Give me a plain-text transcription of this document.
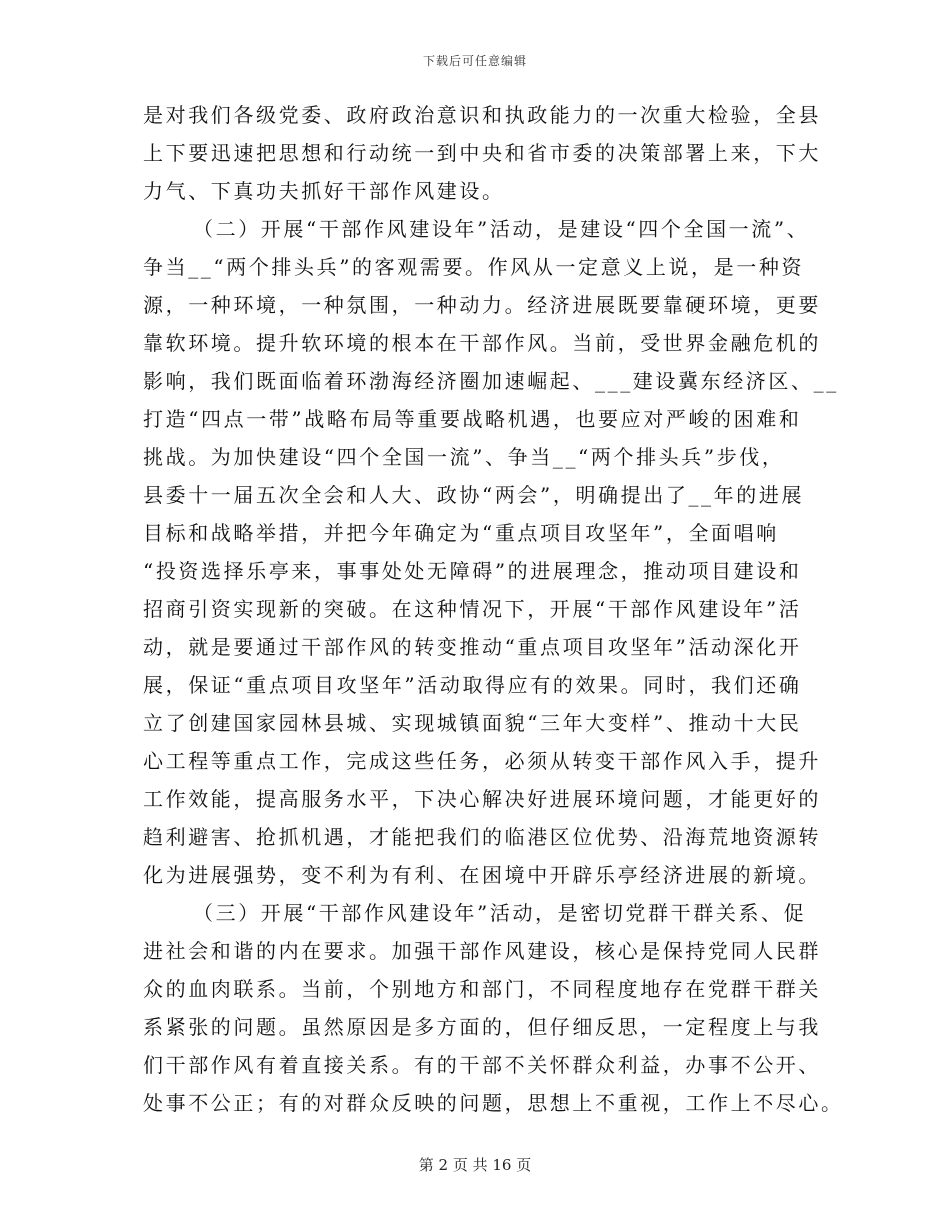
下载后可任意编辑
是对我们各级党委、政府政治意识和执政能力的一次重大检验，全县
上下要迅速把思想和行动统一到中央和省市委的决策部署上来，下大
力气、下真功夫抓好干部作风建设。
（二）开展“干部作风建设年”活动，是建设“四个全国一流”、
争当__“两个排头兵”的客观需要。作风从一定意义上说，是一种资
源，一种环境，一种氛围，一种动力。经济进展既要靠硬环境，更要
靠软环境。提升软环境的根本在干部作风。当前，受世界金融危机的
影响，我们既面临着环渤海经济圈加速崛起、___建设冀东经济区、__
打造“四点一带”战略布局等重要战略机遇，也要应对严峻的困难和
挑战。为加快建设“四个全国一流”、争当__“两个排头兵”步伐，
县委十一届五次全会和人大、政协“两会”，明确提出了__年的进展
目标和战略举措，并把今年确定为“重点项目攻坚年”，全面唱响
“投资选择乐亭来，事事处处无障碍”的进展理念，推动项目建设和
招商引资实现新的突破。在这种情况下，开展“干部作风建设年”活
动，就是要通过干部作风的转变推动“重点项目攻坚年”活动深化开
展，保证“重点项目攻坚年”活动取得应有的效果。同时，我们还确
立了创建国家园林县城、实现城镇面貌“三年大变样”、推动十大民
心工程等重点工作，完成这些任务，必须从转变干部作风入手，提升
工作效能，提高服务水平，下决心解决好进展环境问题，才能更好的
趋利避害、抢抓机遇，才能把我们的临港区位优势、沿海荒地资源转
化为进展强势，变不利为有利、在困境中开辟乐亭经济进展的新境。
（三）开展“干部作风建设年”活动，是密切党群干群关系、促
进社会和谐的内在要求。加强干部作风建设，核心是保持党同人民群
众的血肉联系。当前，个别地方和部门，不同程度地存在党群干群关
系紧张的问题。虽然原因是多方面的，但仔细反思，一定程度上与我
们干部作风有着直接关系。有的干部不关怀群众利益，办事不公开、
处事不公正；有的对群众反映的问题，思想上不重视，工作上不尽心。
第 2 页 共 16 页
